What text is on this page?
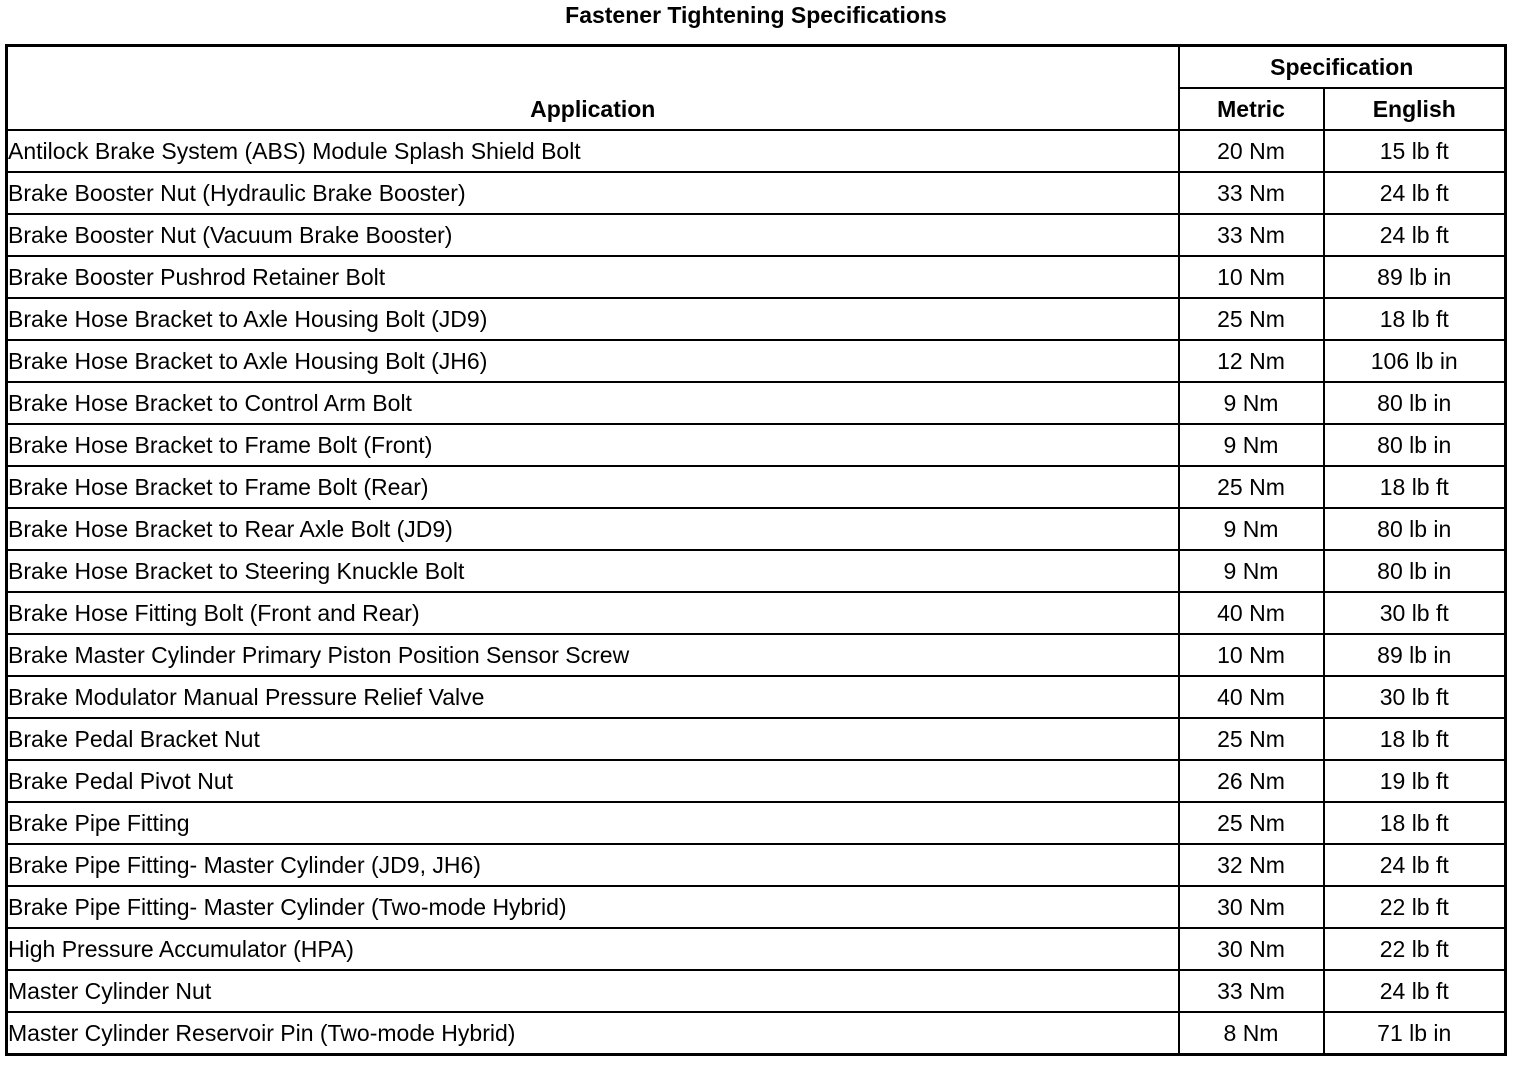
Fastener Tightening Specifications
Application	Specification	
	Metric	English
Antilock Brake System (ABS) Module Splash Shield Bolt	20 Nm	15 lb ft
Brake Booster Nut (Hydraulic Brake Booster)	33 Nm	24 lb ft
Brake Booster Nut (Vacuum Brake Booster)	33 Nm	24 lb ft
Brake Booster Pushrod Retainer Bolt	10 Nm	89 lb in
Brake Hose Bracket to Axle Housing Bolt (JD9)	25 Nm	18 lb ft
Brake Hose Bracket to Axle Housing Bolt (JH6)	12 Nm	106 lb in
Brake Hose Bracket to Control Arm Bolt	9 Nm	80 lb in
Brake Hose Bracket to Frame Bolt (Front)	9 Nm	80 lb in
Brake Hose Bracket to Frame Bolt (Rear)	25 Nm	18 lb ft
Brake Hose Bracket to Rear Axle Bolt (JD9)	9 Nm	80 lb in
Brake Hose Bracket to Steering Knuckle Bolt	9 Nm	80 lb in
Brake Hose Fitting Bolt (Front and Rear)	40 Nm	30 lb ft
Brake Master Cylinder Primary Piston Position Sensor Screw	10 Nm	89 lb in
Brake Modulator Manual Pressure Relief Valve	40 Nm	30 lb ft
Brake Pedal Bracket Nut	25 Nm	18 lb ft
Brake Pedal Pivot Nut	26 Nm	19 lb ft
Brake Pipe Fitting	25 Nm	18 lb ft
Brake Pipe Fitting- Master Cylinder (JD9, JH6)	32 Nm	24 lb ft
Brake Pipe Fitting- Master Cylinder (Two-mode Hybrid)	30 Nm	22 lb ft
High Pressure Accumulator (HPA)	30 Nm	22 lb ft
Master Cylinder Nut	33 Nm	24 lb ft
Master Cylinder Reservoir Pin (Two-mode Hybrid)	8 Nm	71 lb in
